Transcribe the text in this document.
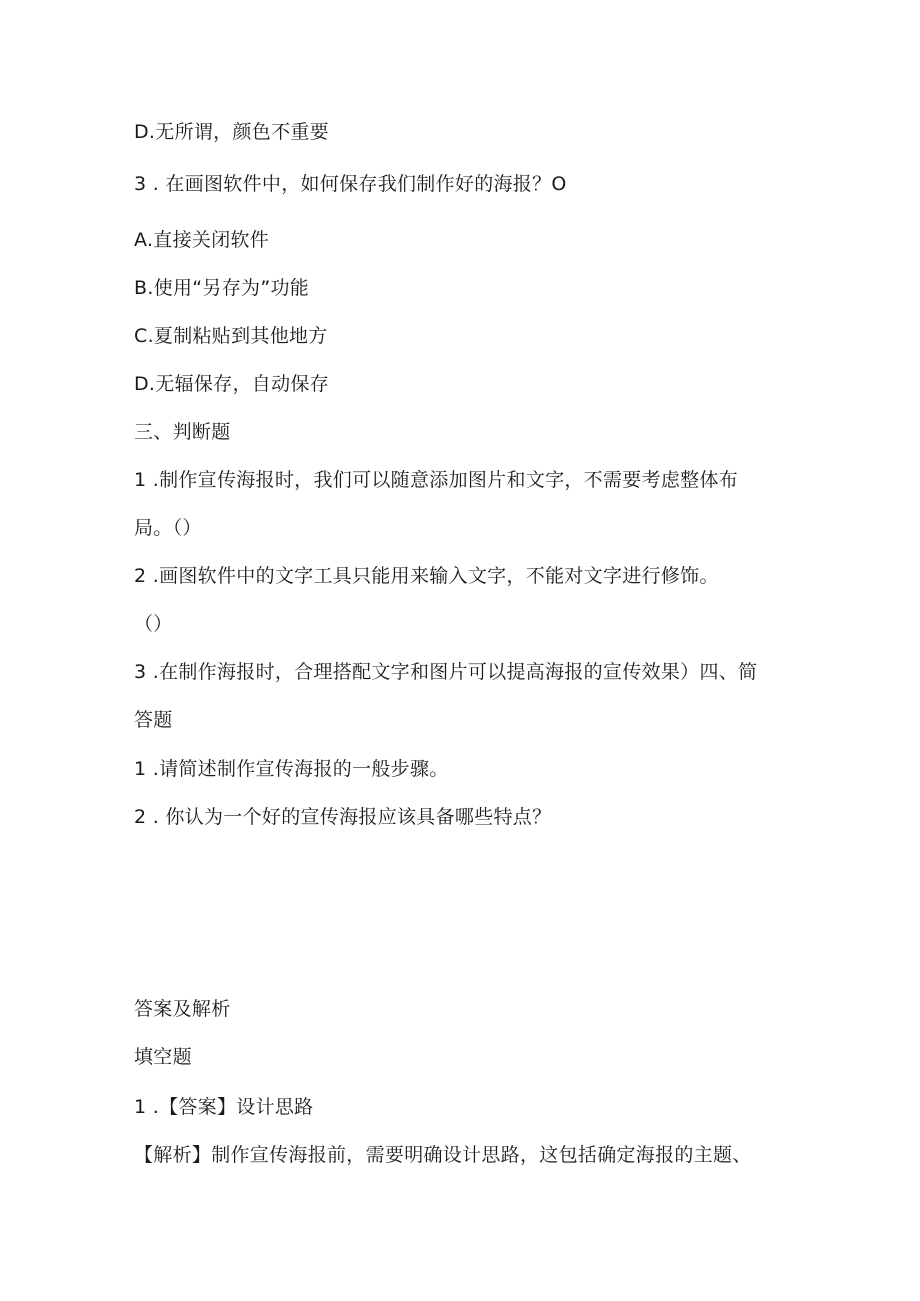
D.无所谓，颜色不重要
3 . 在画图软件中，如何保存我们制作好的海报？O
A.直接关闭软件
B.使用“另存为”功能
C.夏制粘贴到其他地方
D.无辐保存，自动保存
三、判断题
1 .制作宣传海报时，我们可以随意添加图片和文字，不需要考虑整体布
局。（）
2 .画图软件中的文字工具只能用来输入文字，不能对文字进行修饰。
（）
3 .在制作海报时，合理搭配文字和图片可以提高海报的宣传效果）四、简
答题
1 .请简述制作宣传海报的一般步骤。
2 . 你认为一个好的宣传海报应该具备哪些特点？
答案及解析
填空题
1 .【答案】设计思路
【解析】制作宣传海报前，需要明确设计思路，这包括确定海报的主题、
